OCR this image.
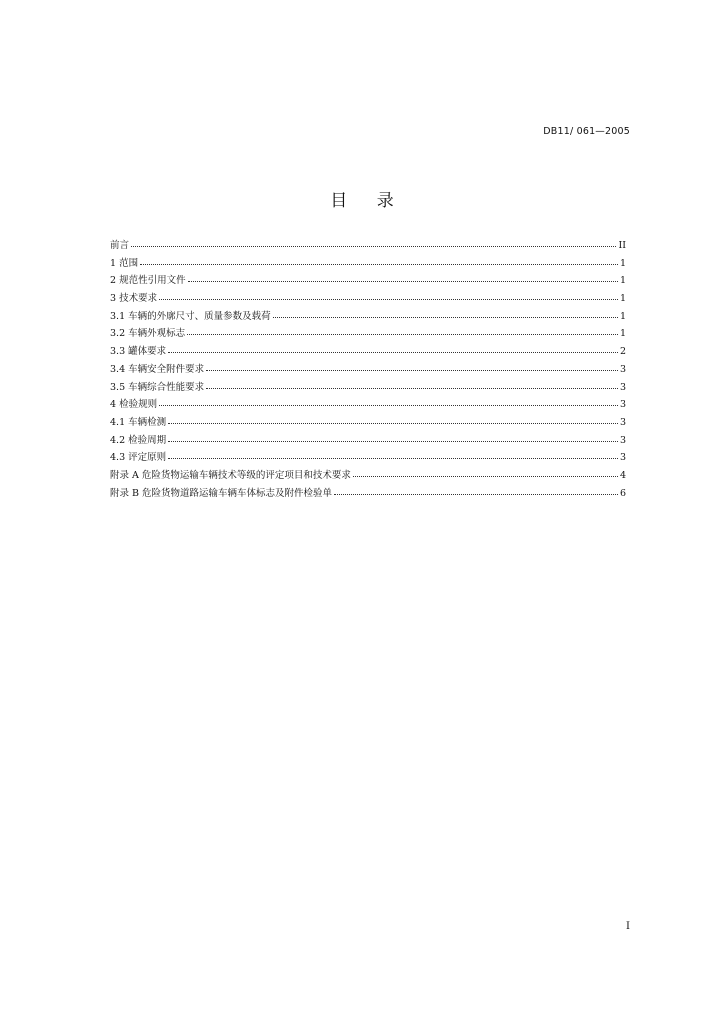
DB11/ 061—2005
目 录
前言	II
1 范围	1
2 规范性引用文件	1
3 技术要求	1
3.1 车辆的外廓尺寸、质量参数及载荷	1
3.2 车辆外观标志	1
3.3 罐体要求	2
3.4 车辆安全附件要求	3
3.5 车辆综合性能要求	3
4 检验规则	3
4.1 车辆检测	3
4.2 检验周期	3
4.3 评定原则	3
附录 A 危险货物运输车辆技术等级的评定项目和技术要求	4
附录 B 危险货物道路运输车辆车体标志及附件检验单	6
I
